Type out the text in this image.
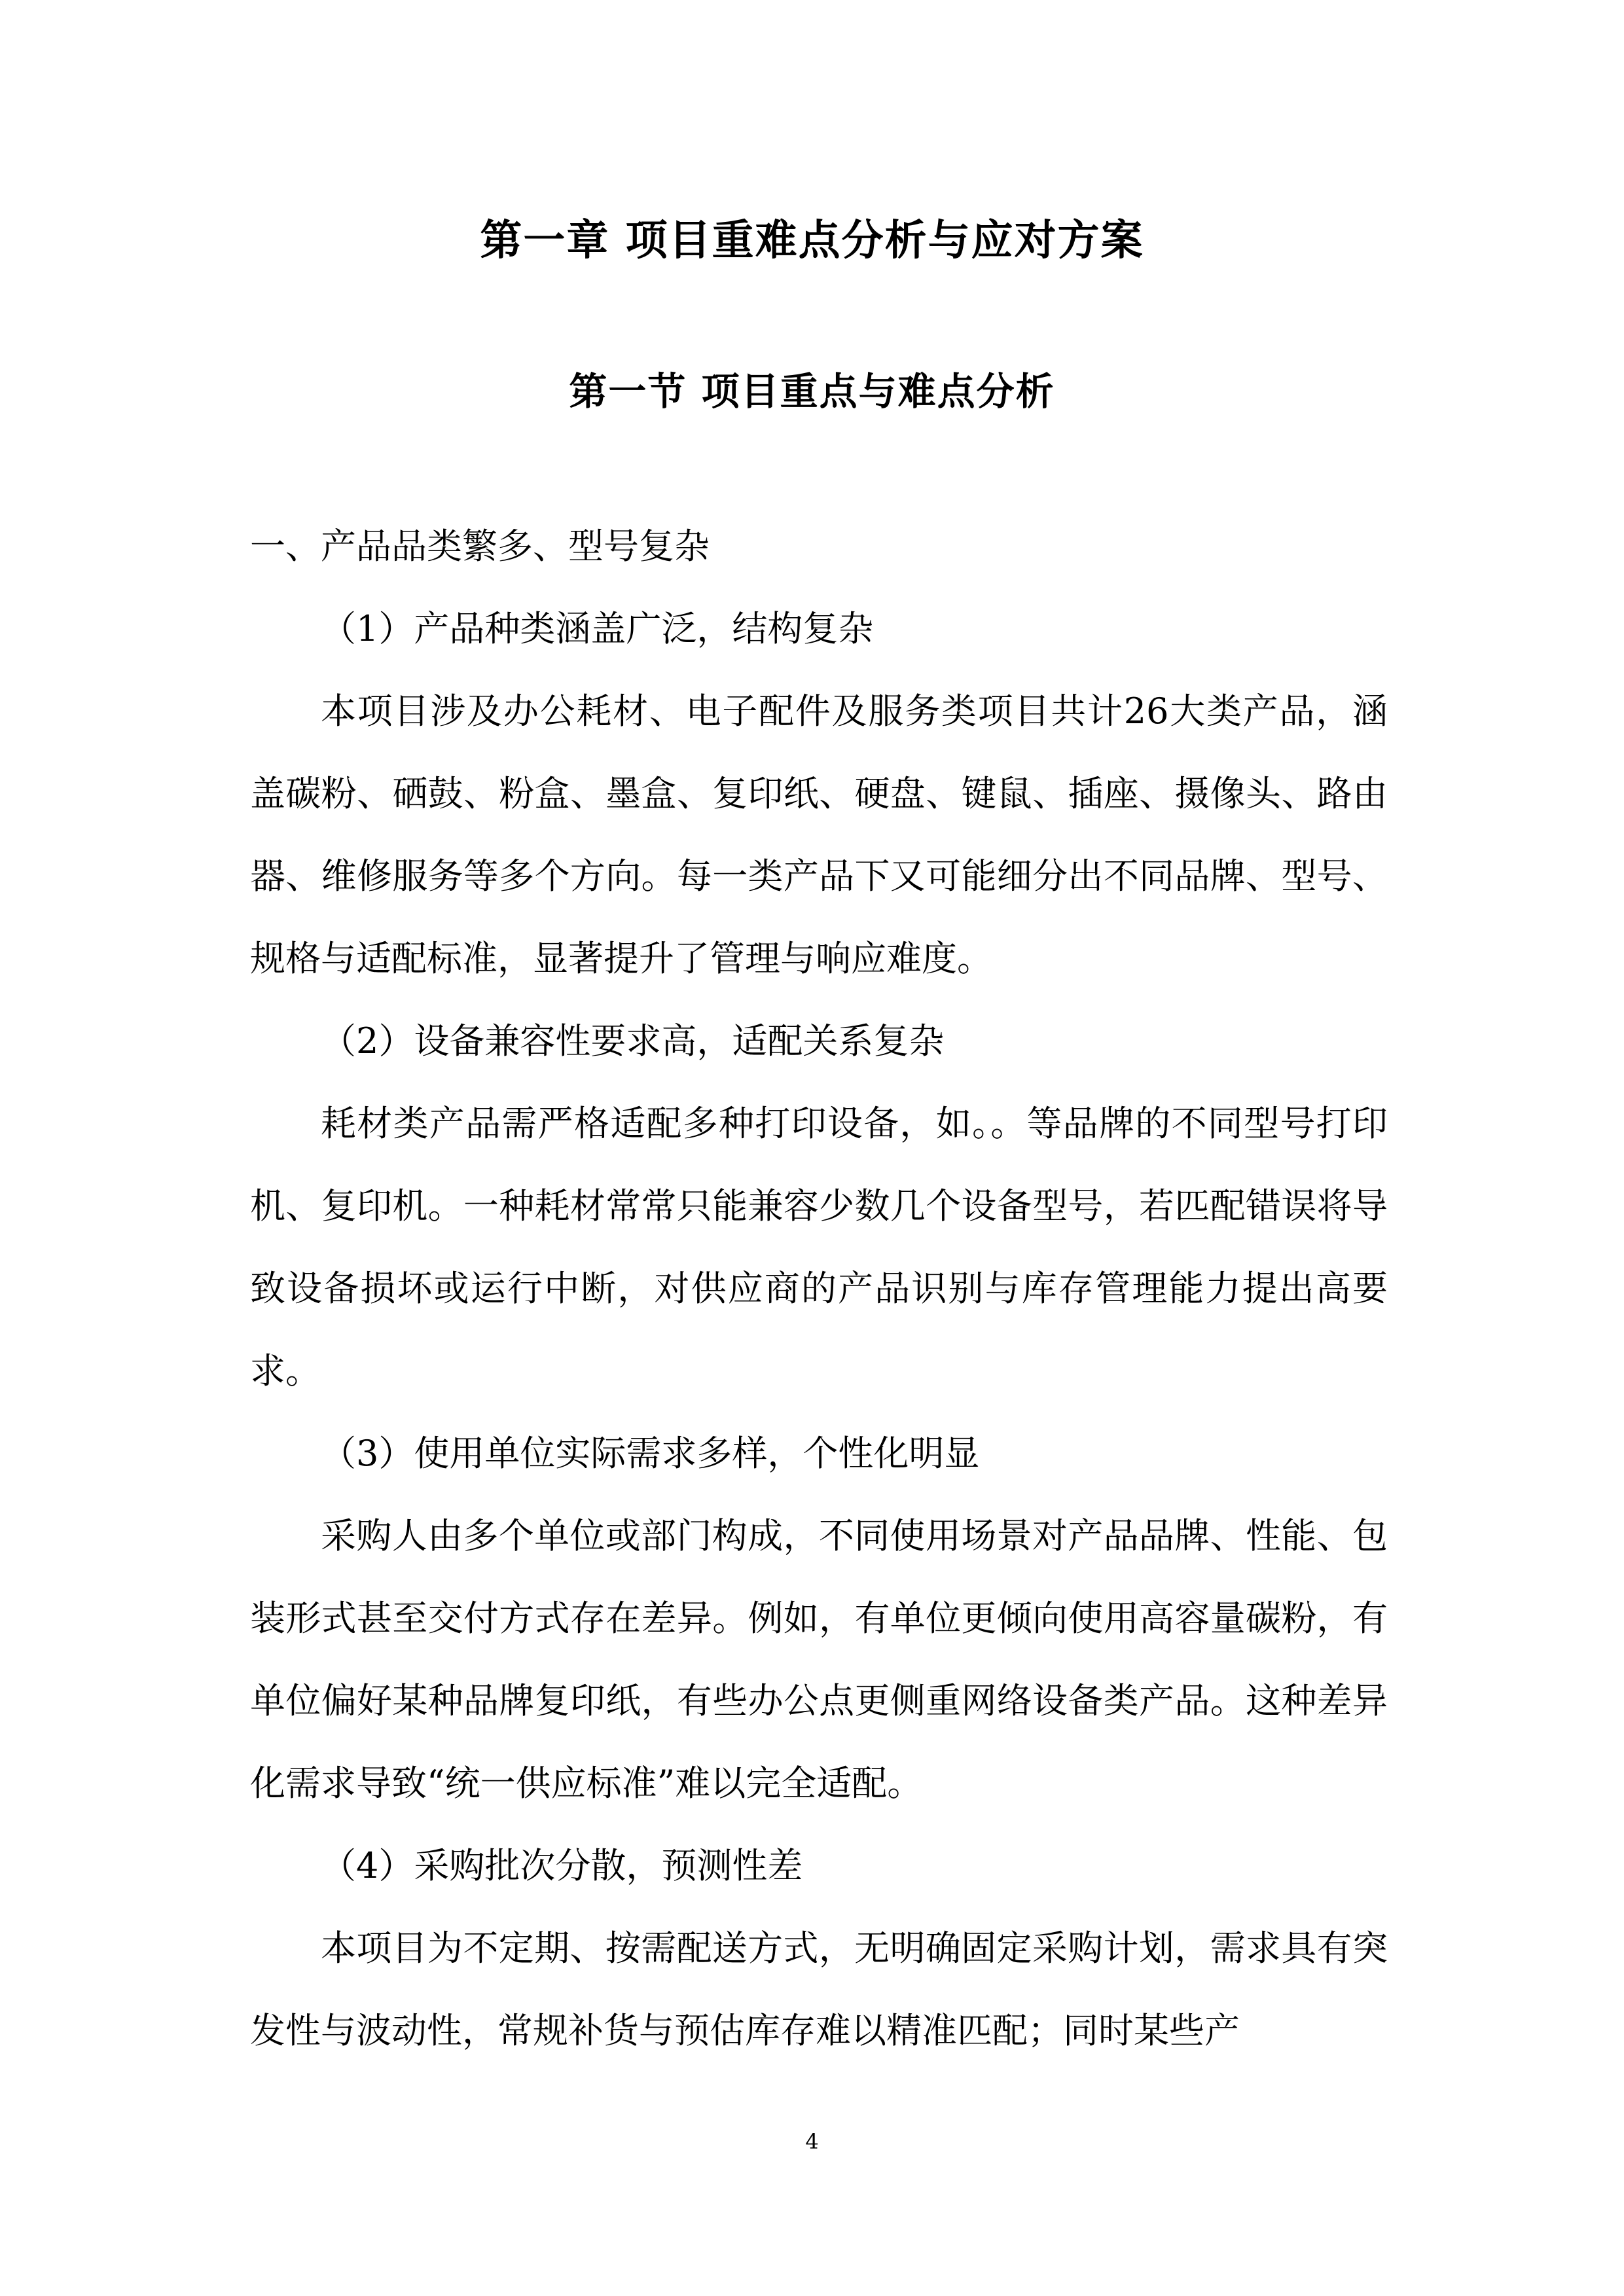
第一章 项目重难点分析与应对方案
第一节 项目重点与难点分析

一、产品品类繁多、型号复杂

（1）产品种类涵盖广泛，结构复杂

本项目涉及办公耗材、电子配件及服务类项目共计26大类产品，涵盖碳粉、硒鼓、粉盒、墨盒、复印纸、硬盘、键鼠、插座、摄像头、路由器、维修服务等多个方向。每一类产品下又可能细分出不同品牌、型号、规格与适配标准，显著提升了管理与响应难度。

（2）设备兼容性要求高，适配关系复杂

耗材类产品需严格适配多种打印设备，如。。等品牌的不同型号打印机、复印机。一种耗材常常只能兼容少数几个设备型号，若匹配错误将导致设备损坏或运行中断，对供应商的产品识别与库存管理能力提出高要求。

（3）使用单位实际需求多样，个性化明显

采购人由多个单位或部门构成，不同使用场景对产品品牌、性能、包装形式甚至交付方式存在差异。例如，有单位更倾向使用高容量碳粉，有单位偏好某种品牌复印纸，有些办公点更侧重网络设备类产品。这种差异化需求导致“统一供应标准”难以完全适配。

（4）采购批次分散，预测性差

本项目为不定期、按需配送方式，无明确固定采购计划，需求具有突发性与波动性，常规补货与预估库存难以精准匹配；同时某些产

4
